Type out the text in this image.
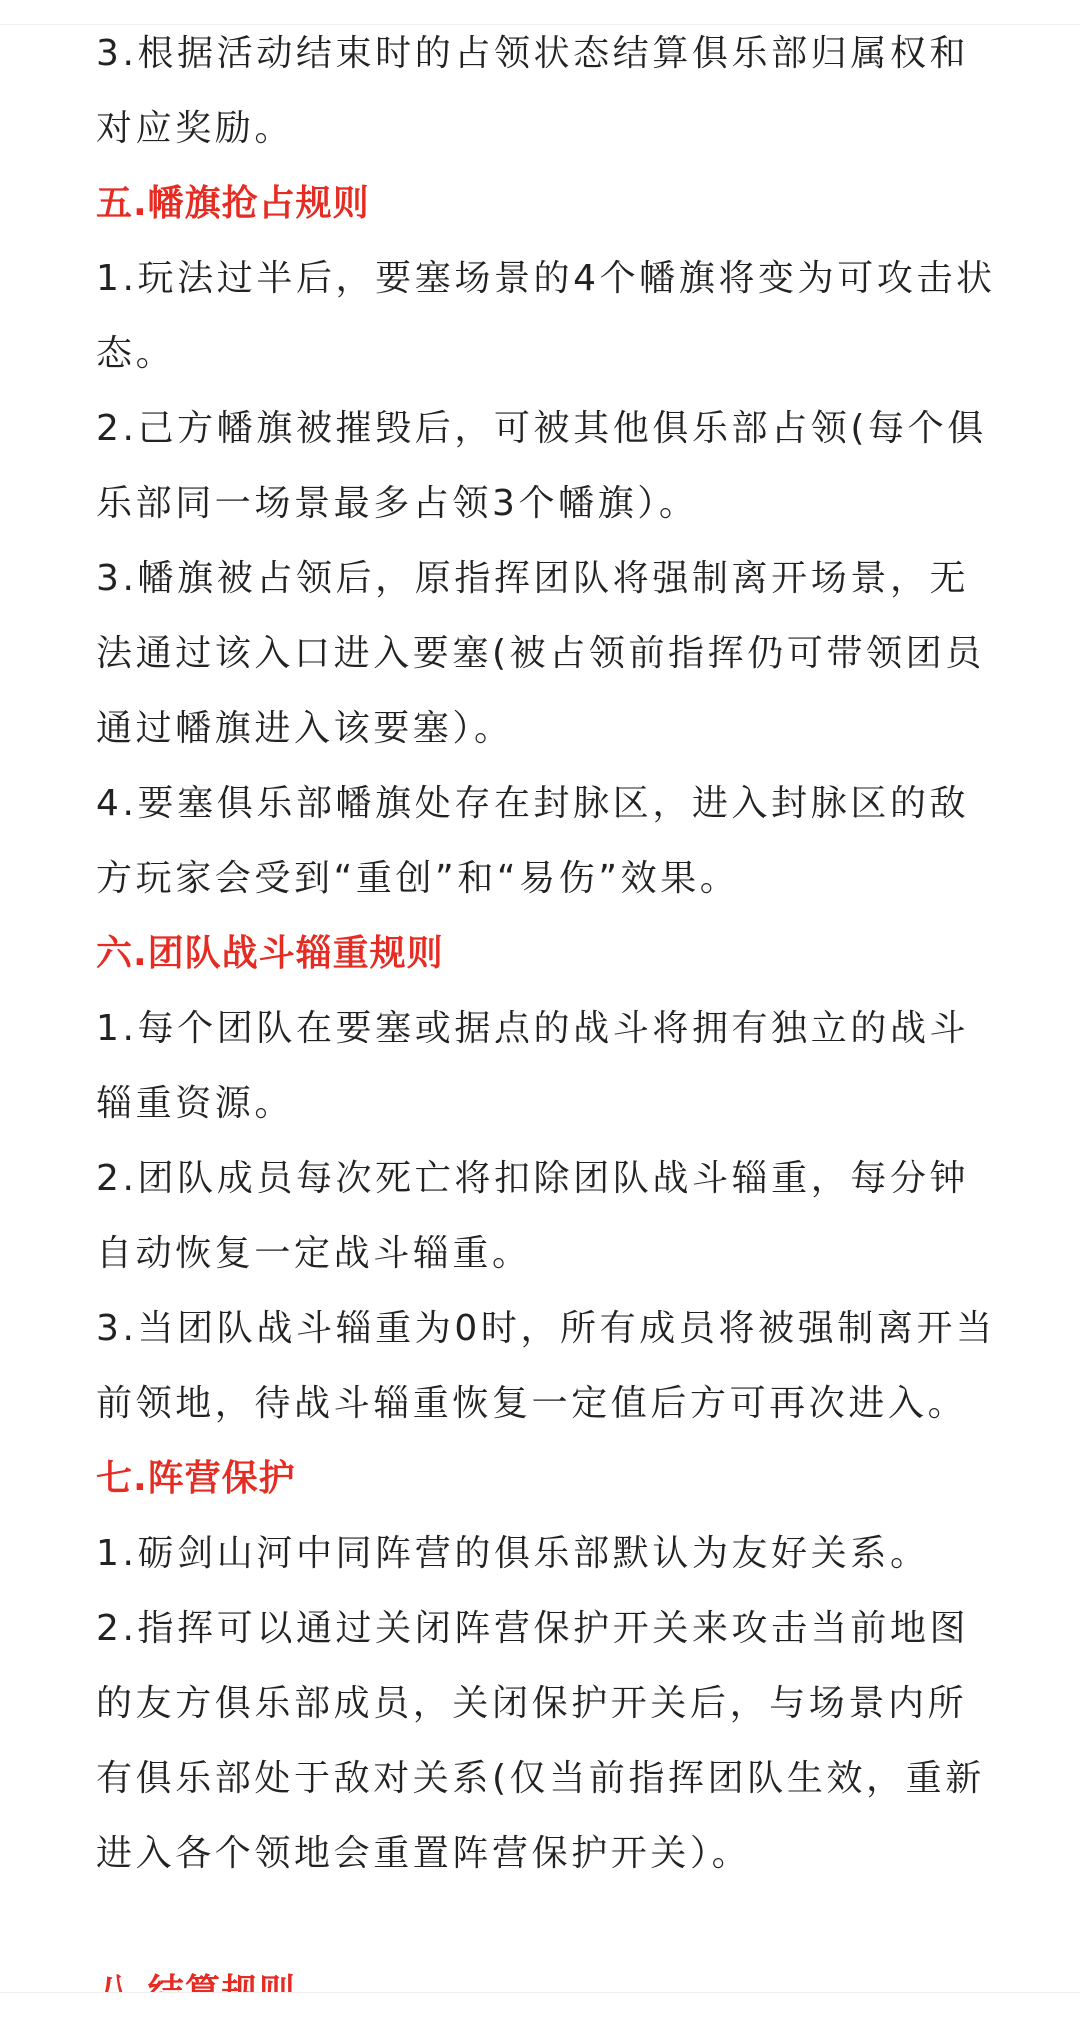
3.根据活动结束时的占领状态结算俱乐部归属权和对应奖励。

五.幡旗抢占规则

1.玩法过半后，要塞场景的4个幡旗将变为可攻击状态。

2.己方幡旗被摧毁后，可被其他俱乐部占领(每个俱乐部同一场景最多占领3个幡旗）。

3.幡旗被占领后，原指挥团队将强制离开场景，无法通过该入口进入要塞(被占领前指挥仍可带领团员通过幡旗进入该要塞）。

4.要塞俱乐部幡旗处存在封脉区，进入封脉区的敌方玩家会受到“重创”和“易伤”效果。

六.团队战斗辎重规则

1.每个团队在要塞或据点的战斗将拥有独立的战斗辎重资源。

2.团队成员每次死亡将扣除团队战斗辎重，每分钟自动恢复一定战斗辎重。

3.当团队战斗辎重为0时，所有成员将被强制离开当前领地，待战斗辎重恢复一定值后方可再次进入。

七.阵营保护

1.砺剑山河中同阵营的俱乐部默认为友好关系。

2.指挥可以通过关闭阵营保护开关来攻击当前地图的友方俱乐部成员，关闭保护开关后，与场景内所有俱乐部处于敌对关系(仅当前指挥团队生效，重新进入各个领地会重置阵营保护开关）。
